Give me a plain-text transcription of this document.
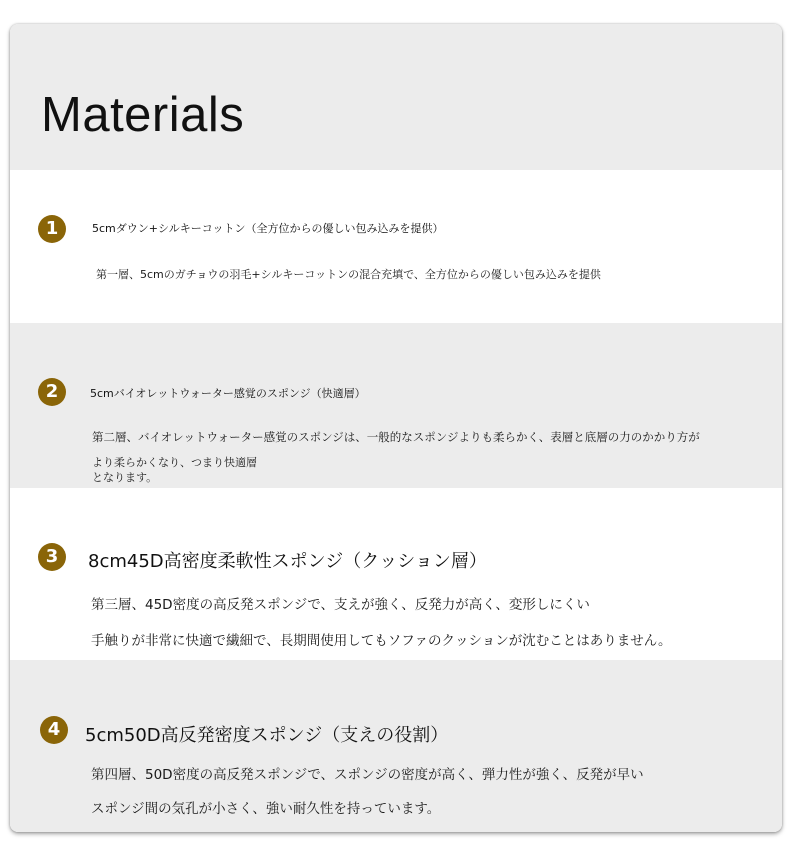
Materials
1	5cmダウン+シルキーコットン（全方位からの優しい包み込みを提供）
第一層、5cmのガチョウの羽毛+シルキーコットンの混合充填で、全方位からの優しい包み込みを提供
2	5cmバイオレットウォーター感覚のスポンジ（快適層）
第二層、バイオレットウォーター感覚のスポンジは、一般的なスポンジよりも柔らかく、表層と底層の力のかかり方が
より柔らかくなり、つまり快適層
となります。
3	8cm45D高密度柔軟性スポンジ（クッション層）
第三層、45D密度の高反発スポンジで、支えが強く、反発力が高く、変形しにくい
手触りが非常に快適で繊細で、長期間使用してもソファのクッションが沈むことはありません。
4	5cm50D高反発密度スポンジ（支えの役割）
第四層、50D密度の高反発スポンジで、スポンジの密度が高く、弾力性が強く、反発が早い
スポンジ間の気孔が小さく、強い耐久性を持っています。
